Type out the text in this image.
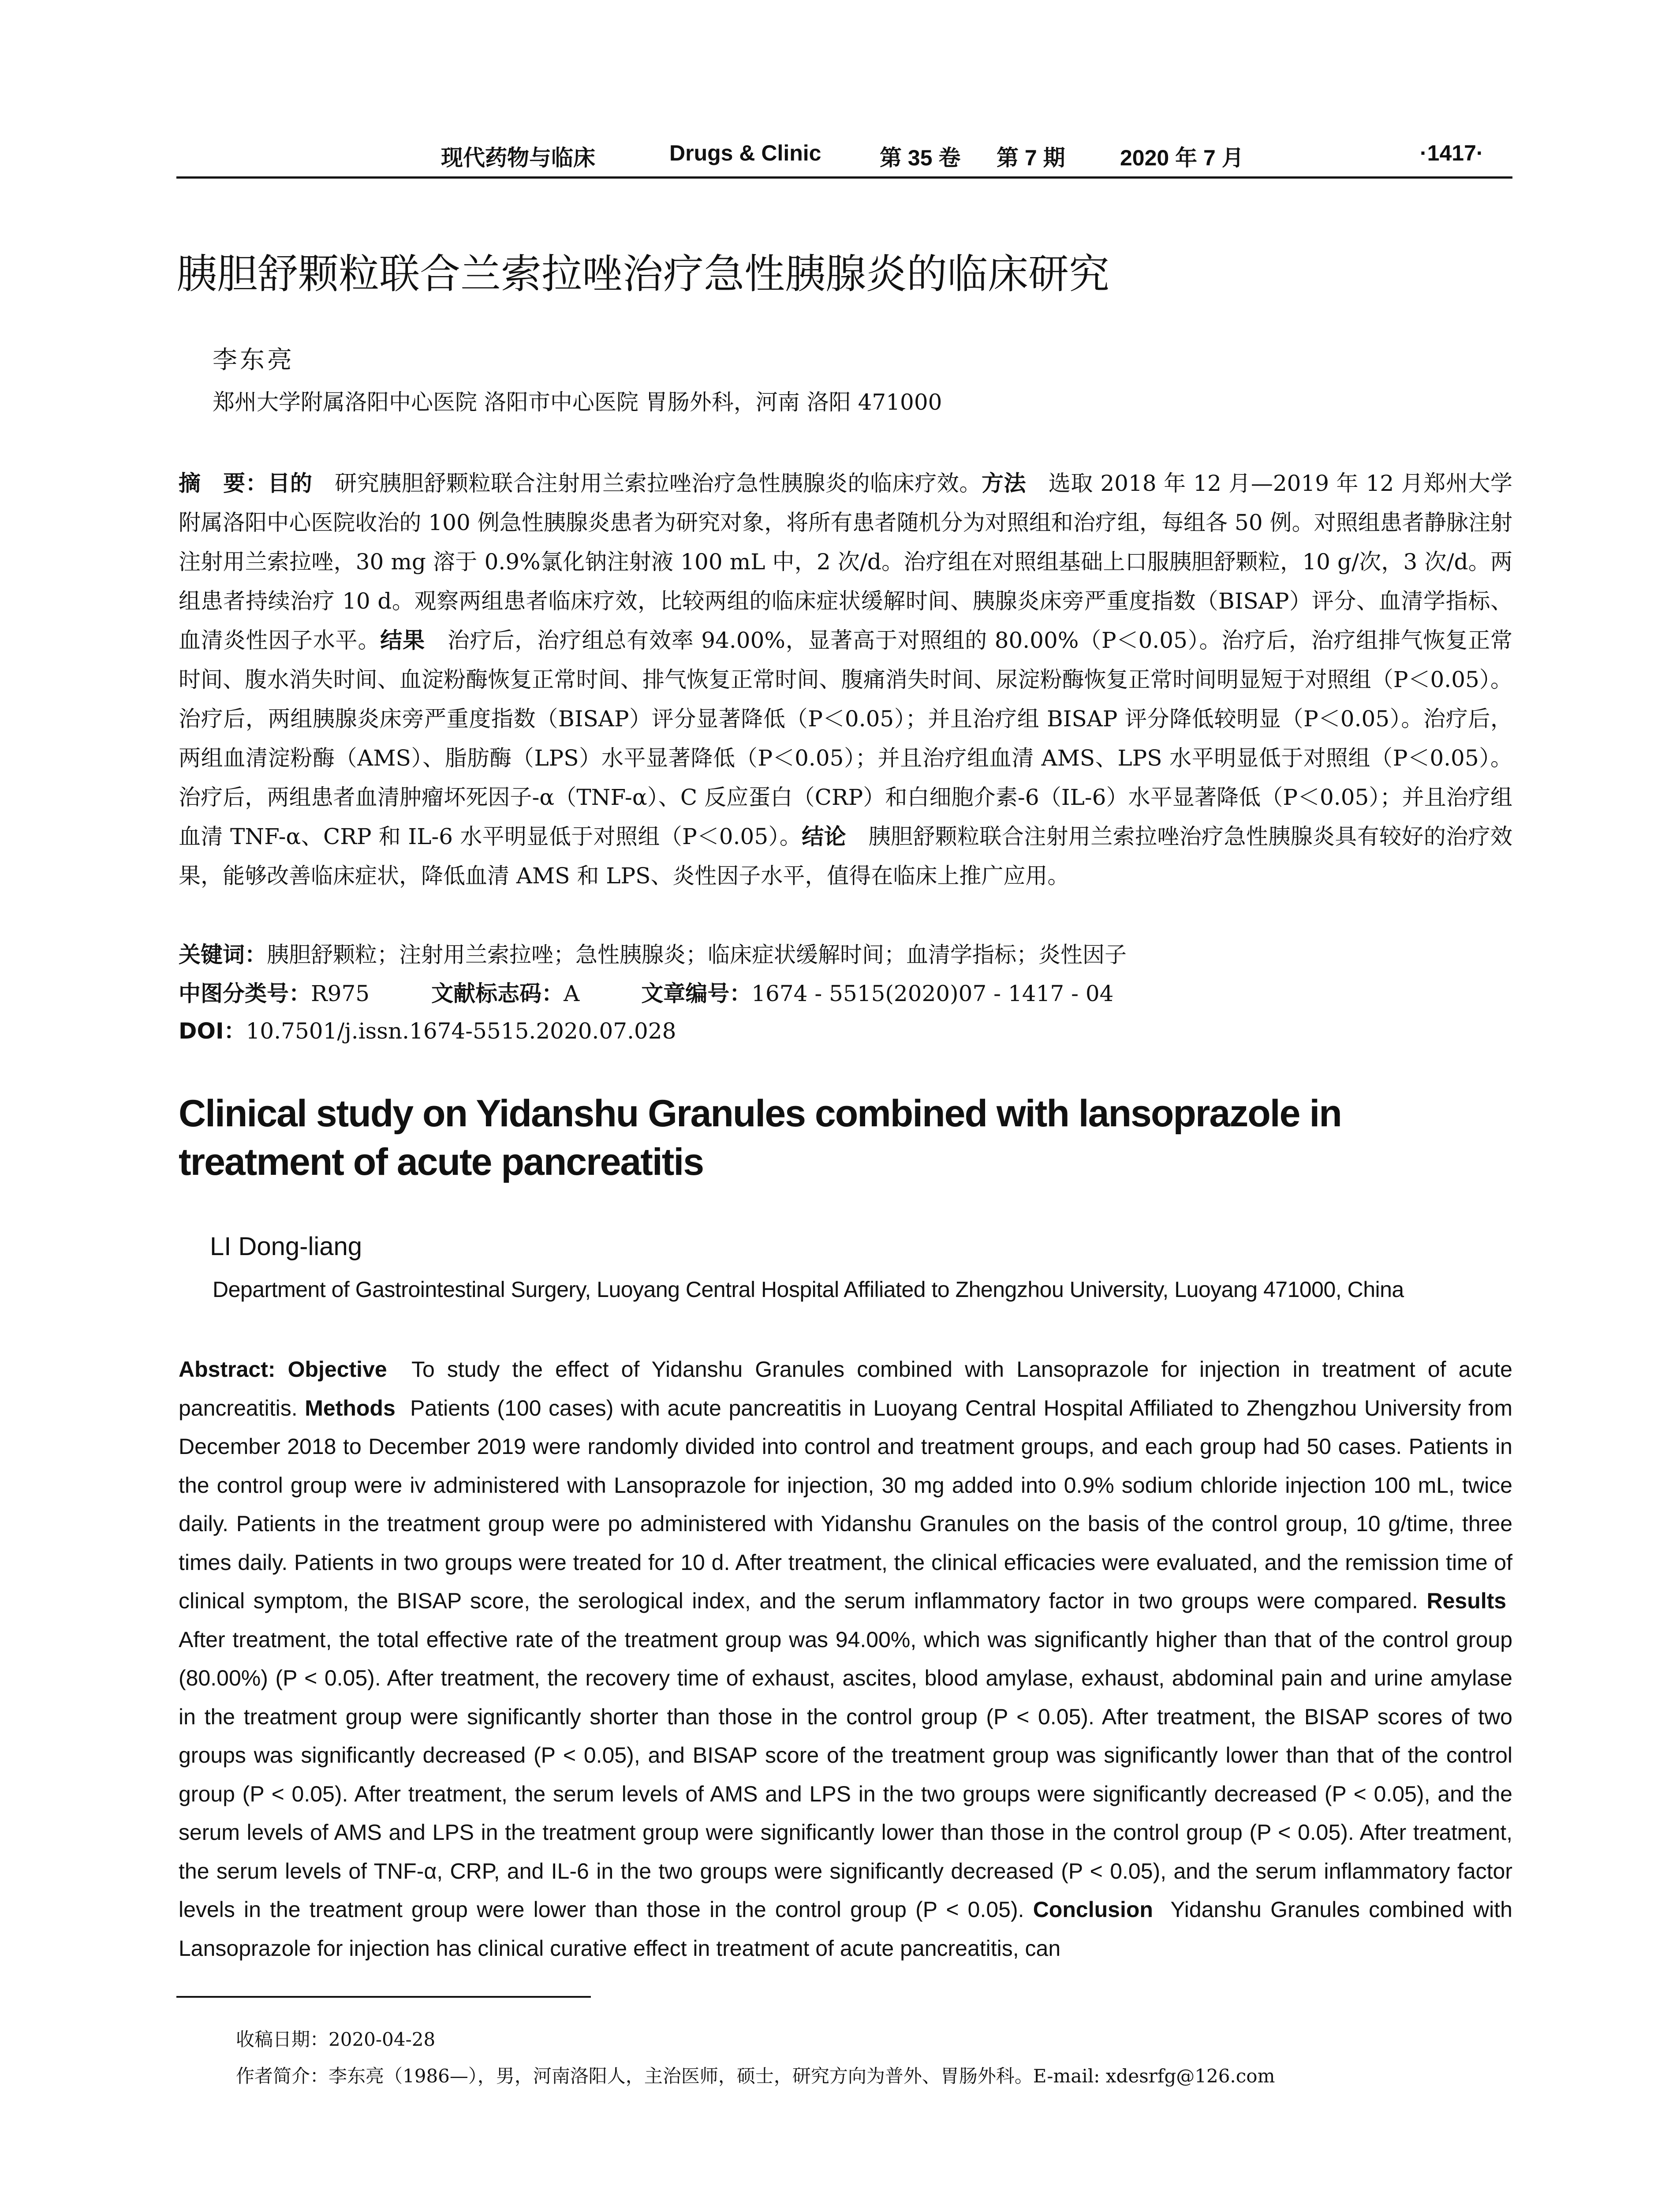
现代药物与临床	Drugs & Clinic	第 35 卷 第 7 期 2020 年 7 月	·1417·
胰胆舒颗粒联合兰索拉唑治疗急性胰腺炎的临床研究
李东亮
郑州大学附属洛阳中心医院 洛阳市中心医院 胃肠外科，河南 洛阳 471000
摘　要：目的　 研究胰胆舒颗粒联合注射用兰索拉唑治疗急性胰腺炎的临床疗效。方法　 选取 2018 年 12 月—2019 年 12 月郑州大学附属洛阳中心医院收治的 100 例急性胰腺炎患者为研究对象，将所有患者随机分为对照组和治疗组，每组各 50 例。对照组患者静脉注射注射用兰索拉唑，30 mg 溶于 0.9%氯化钠注射液 100 mL 中，2 次/d。治疗组在对照组基础上口服胰胆舒颗粒，10 g/次，3 次/d。两组患者持续治疗 10 d。观察两组患者临床疗效，比较两组的临床症状缓解时间、胰腺炎床旁严重度指数（BISAP）评分、血清学指标、血清炎性因子水平。结果　 治疗后，治疗组总有效率 94.00%，显著高于对照组的 80.00%（P＜0.05）。治疗后，治疗组排气恢复正常时间、腹水消失时间、血淀粉酶恢复正常时间、排气恢复正常时间、腹痛消失时间、尿淀粉酶恢复正常时间明显短于对照组（P＜0.05）。治疗后，两组胰腺炎床旁严重度指数（BISAP）评分显著降低（P＜0.05）；并且治疗组 BISAP 评分降低较明显（P＜0.05）。治疗后，两组血清淀粉酶（AMS）、脂肪酶（LPS）水平显著降低（P＜0.05）；并且治疗组血清 AMS、LPS 水平明显低于对照组（P＜0.05）。治疗后，两组患者血清肿瘤坏死因子-α（TNF-α）、C 反应蛋白（CRP）和白细胞介素-6（IL-6）水平显著降低（P＜0.05）；并且治疗组血清 TNF-α、CRP 和 IL-6 水平明显低于对照组（P＜0.05）。结论　 胰胆舒颗粒联合注射用兰索拉唑治疗急性胰腺炎具有较好的治疗效果，能够改善临床症状，降低血清 AMS 和 LPS、炎性因子水平，值得在临床上推广应用。
关键词：胰胆舒颗粒；注射用兰索拉唑；急性胰腺炎；临床症状缓解时间；血清学指标；炎性因子
中图分类号：R975	文献标志码：A	文章编号：1674 - 5515(2020)07 - 1417 - 04
DOI：10.7501/j.issn.1674-5515.2020.07.028
Clinical study on Yidanshu Granules combined with lansoprazole in treatment of acute pancreatitis
LI Dong-liang
Department of Gastrointestinal Surgery, Luoyang Central Hospital Affiliated to Zhengzhou University, Luoyang 471000, China
Abstract: Objective To study the effect of Yidanshu Granules combined with Lansoprazole for injection in treatment of acute pancreatitis. Methods Patients (100 cases) with acute pancreatitis in Luoyang Central Hospital Affiliated to Zhengzhou University from December 2018 to December 2019 were randomly divided into control and treatment groups, and each group had 50 cases. Patients in the control group were iv administered with Lansoprazole for injection, 30 mg added into 0.9% sodium chloride injection 100 mL, twice daily. Patients in the treatment group were po administered with Yidanshu Granules on the basis of the control group, 10 g/time, three times daily. Patients in two groups were treated for 10 d. After treatment, the clinical efficacies were evaluated, and the remission time of clinical symptom, the BISAP score, the serological index, and the serum inflammatory factor in two groups were compared. Results  After treatment, the total effective rate of the treatment group was 94.00%, which was significantly higher than that of the control group (80.00%) (P < 0.05). After treatment, the recovery time of exhaust, ascites, blood amylase, exhaust, abdominal pain and urine amylase in the treatment group were significantly shorter than those in the control group (P < 0.05). After treatment, the BISAP scores of two groups was significantly decreased (P < 0.05), and BISAP score of the treatment group was significantly lower than that of the control group (P < 0.05). After treatment, the serum levels of AMS and LPS in the two groups were significantly decreased (P < 0.05), and the serum levels of AMS and LPS in the treatment group were significantly lower than those in the control group (P < 0.05). After treatment, the serum levels of TNF-α, CRP, and IL-6 in the two groups were significantly decreased (P < 0.05), and the serum inflammatory factor levels in the treatment group were lower than those in the control group (P < 0.05). Conclusion Yidanshu Granules combined with Lansoprazole for injection has clinical curative effect in treatment of acute pancreatitis, can
收稿日期：2020-04-28
作者简介：李东亮（1986—），男，河南洛阳人，主治医师，硕士，研究方向为普外、胃肠外科。E-mail: xdesrfg@126.com
